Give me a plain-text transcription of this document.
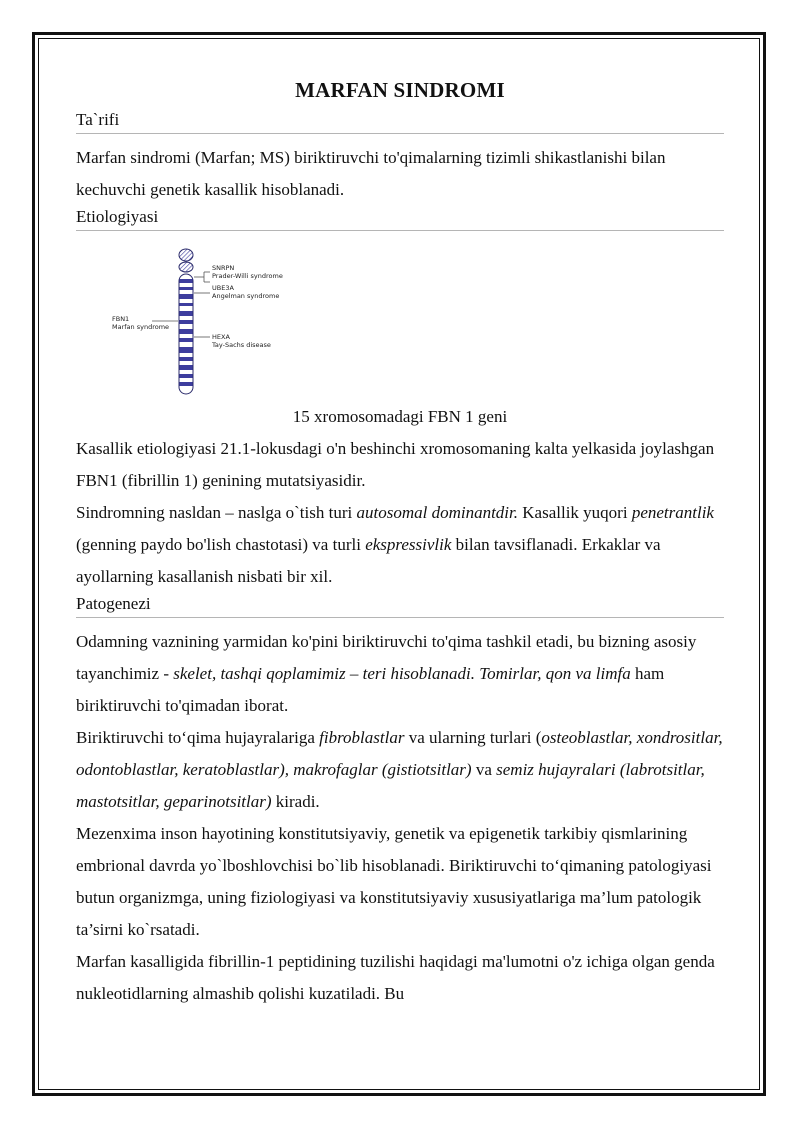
MARFAN SINDROMI
Ta`rifi

Marfan sindromi (Marfan; MS) biriktiruvchi to'qimalarning tizimli shikastlanishi bilan kechuvchi genetik kasallik hisoblanadi.

Etiologiyasi
SNRPN
Prader-Willi syndrome
UBE3A
Angelman syndrome
HEXA
Tay-Sachs disease
FBN1
Marfan syndrome
15 xromosomadagi FBN 1 geni

Kasallik etiologiyasi 21.1-lokusdagi o'n beshinchi xromosomaning kalta yelkasida joylashgan FBN1 (fibrillin 1) genining mutatsiyasidir.

Sindromning nasldan – naslga o`tish turi autosomal dominantdir. Kasallik yuqori penetrantlik (genning paydo bo'lish chastotasi) va turli ekspressivlik bilan tavsiflanadi. Erkaklar va ayollarning kasallanish nisbati bir xil.

Patogenezi

Odamning vaznining yarmidan ko'pini biriktiruvchi to'qima tashkil etadi, bu bizning asosiy tayanchimiz - skelet, tashqi qoplamimiz – teri hisoblanadi. Tomirlar, qon va limfa ham biriktiruvchi to'qimadan iborat.

Biriktiruvchi to‘qima hujayralariga fibroblastlar va ularning turlari (osteoblastlar, xondrositlar, odontoblastlar, keratoblastlar), makrofaglar (gistiotsitlar) va semiz hujayralari (labrotsitlar, mastotsitlar, geparinotsitlar) kiradi.

Mezenxima inson hayotining konstitutsiyaviy, genetik va epigenetik tarkibiy qismlarining embrional davrda yo`lboshlovchisi bo`lib hisoblanadi. Biriktiruvchi to‘qimaning patologiyasi butun organizmga, uning fiziologiyasi va konstitutsiyaviy xususiyatlariga ma’lum patologik ta’sirni ko`rsatadi.

Marfan kasalligida fibrillin-1 peptidining tuzilishi haqidagi ma'lumotni o'z ichiga olgan genda nukleotidlarning almashib qolishi kuzatiladi. Bu
